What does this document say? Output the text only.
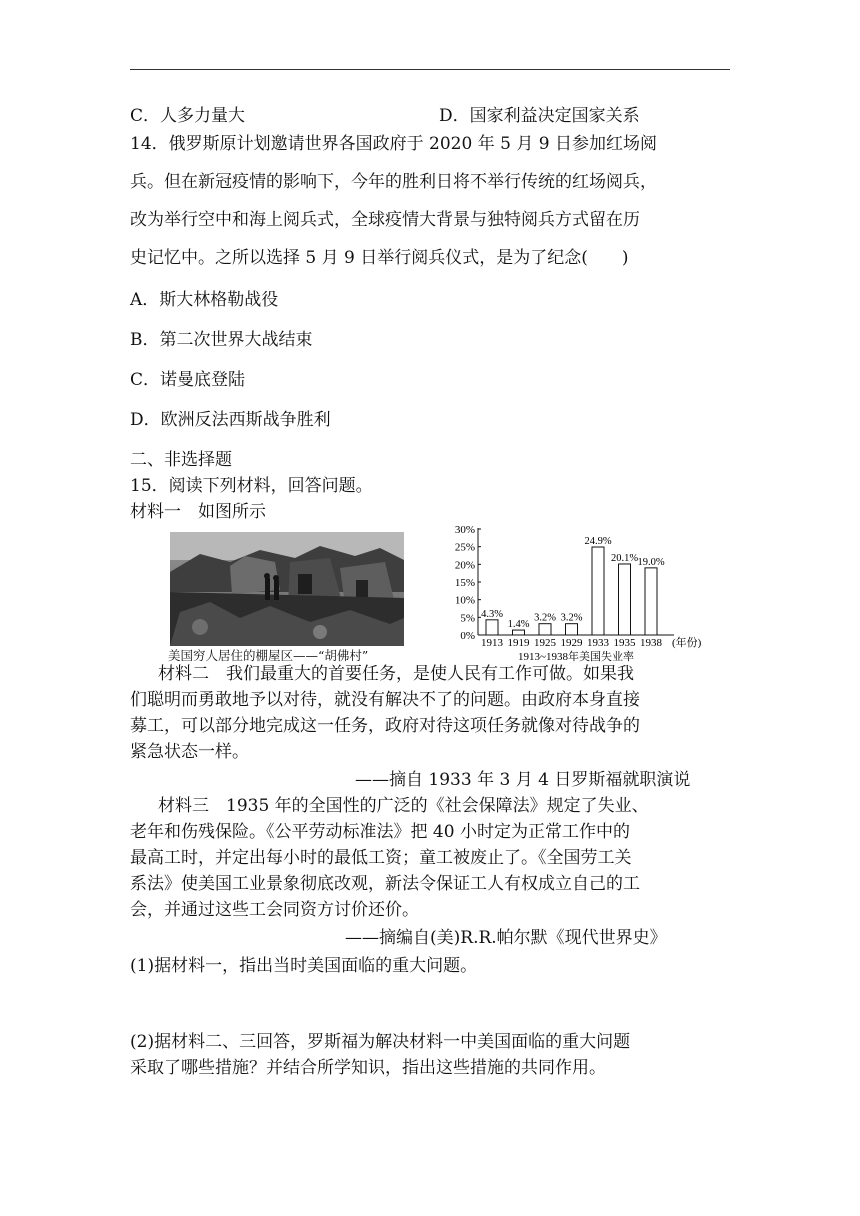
C．人多力量大	D．国家利益决定国家关系
14．俄罗斯原计划邀请世界各国政府于 2020 年 5 月 9 日参加红场阅
兵。但在新冠疫情的影响下，今年的胜利日将不举行传统的红场阅兵，
改为举行空中和海上阅兵式，全球疫情大背景与独特阅兵方式留在历
史记忆中。之所以选择 5 月 9 日举行阅兵仪式，是为了纪念(　　)
A．斯大林格勒战役
B．第二次世界大战结束
C．诺曼底登陆
D．欧洲反法西斯战争胜利
二、非选择题
15．阅读下列材料，回答问题。
材料一　如图所示
美国穷人居住的棚屋区——“胡佛村”
0%
5%
10%
15%
20%
25%
30%
4.3%
1913
1.4%
1919
3.2%
1925
3.2%
1929
24.9%
1933
20.1%
1935
19.0%
1938 (年份)
1913~1938年美国失业率
材料二　我们最重大的首要任务，是使人民有工作可做。如果我
们聪明而勇敢地予以对待，就没有解决不了的问题。由政府本身直接
募工，可以部分地完成这一任务，政府对待这项任务就像对待战争的
紧急状态一样。
——摘自 1933 年 3 月 4 日罗斯福就职演说
材料三　1935 年的全国性的广泛的《社会保障法》规定了失业、
老年和伤残保险。《公平劳动标准法》把 40 小时定为正常工作中的
最高工时，并定出每小时的最低工资；童工被废止了。《全国劳工关
系法》使美国工业景象彻底改观，新法令保证工人有权成立自己的工
会，并通过这些工会同资方讨价还价。
——摘编自(美)R.R.帕尔默《现代世界史》
(1)据材料一，指出当时美国面临的重大问题。
(2)据材料二、三回答，罗斯福为解决材料一中美国面临的重大问题
采取了哪些措施？并结合所学知识，指出这些措施的共同作用。
